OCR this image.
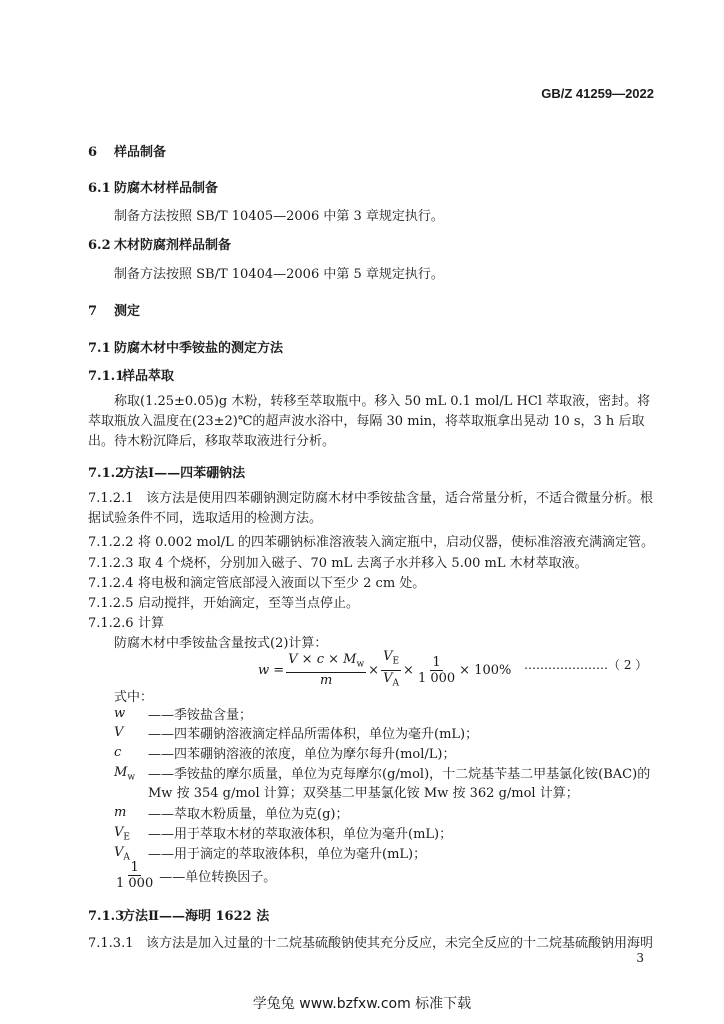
GB/Z 41259—2022
6 样品制备
6.1 防腐木材样品制备
制备方法按照 SB/T 10405—2006 中第 3 章规定执行。
6.2 木材防腐剂样品制备
制备方法按照 SB/T 10404—2006 中第 5 章规定执行。
7 测定
7.1 防腐木材中季铵盐的测定方法
7.1.1样品萃取
称取(1.25±0.05)g 木粉，转移至萃取瓶中。移入 50 mL 0.1 mol/L HCl 萃取液，密封。将萃取瓶放入温度在(23±2)℃的超声波水浴中，每隔 30 min，将萃取瓶拿出晃动 10 s，3 h 后取出。待木粉沉降后，移取萃取液进行分析。
7.1.2方法Ⅰ——四苯硼钠法
7.1.2.1 该方法是使用四苯硼钠测定防腐木材中季铵盐含量，适合常量分析，不适合微量分析。根据试验条件不同，选取适用的检测方法。
7.1.2.2 将 0.002 mol/L 的四苯硼钠标准溶液装入滴定瓶中，启动仪器，使标准溶液充满滴定管。
7.1.2.3 取 4 个烧杯，分别加入磁子、70 mL 去离子水并移入 5.00 mL 木材萃取液。
7.1.2.4 将电极和滴定管底部浸入液面以下至少 2 cm 处。
7.1.2.5 启动搅拌，开始滴定，至等当点停止。
7.1.2.6 计算
防腐木材中季铵盐含量按式(2)计算：
$w = \frac{V \times c \times M_w}{m} \times \frac{V_E}{V_A} \times \frac{1}{1 000} \times 100\%$ …………………（ 2 ）
式中：
w ——季铵盐含量；
V ——四苯硼钠溶液滴定样品所需体积，单位为毫升(mL)；
c ——四苯硼钠溶液的浓度，单位为摩尔每升(mol/L)；
$M_w$ ——季铵盐的摩尔质量，单位为克每摩尔(g/mol)，十二烷基苄基二甲基氯化铵(BAC)的 Mw 按 354 g/mol 计算；双癸基二甲基氯化铵 Mw 按 362 g/mol 计算；
m ——萃取木粉质量，单位为克(g)；
$V_E$ ——用于萃取木材的萃取液体积，单位为毫升(mL)；
$V_A$ ——用于滴定的萃取液体积，单位为毫升(mL)；
$\frac{1}{1 000}$ ——单位转换因子。
7.1.3方法Ⅱ——海明 1622 法
7.1.3.1 该方法是加入过量的十二烷基硫酸钠使其充分反应，未完全反应的十二烷基硫酸钠用海明
3
学兔兔 www.bzfxw.com 标准下载
